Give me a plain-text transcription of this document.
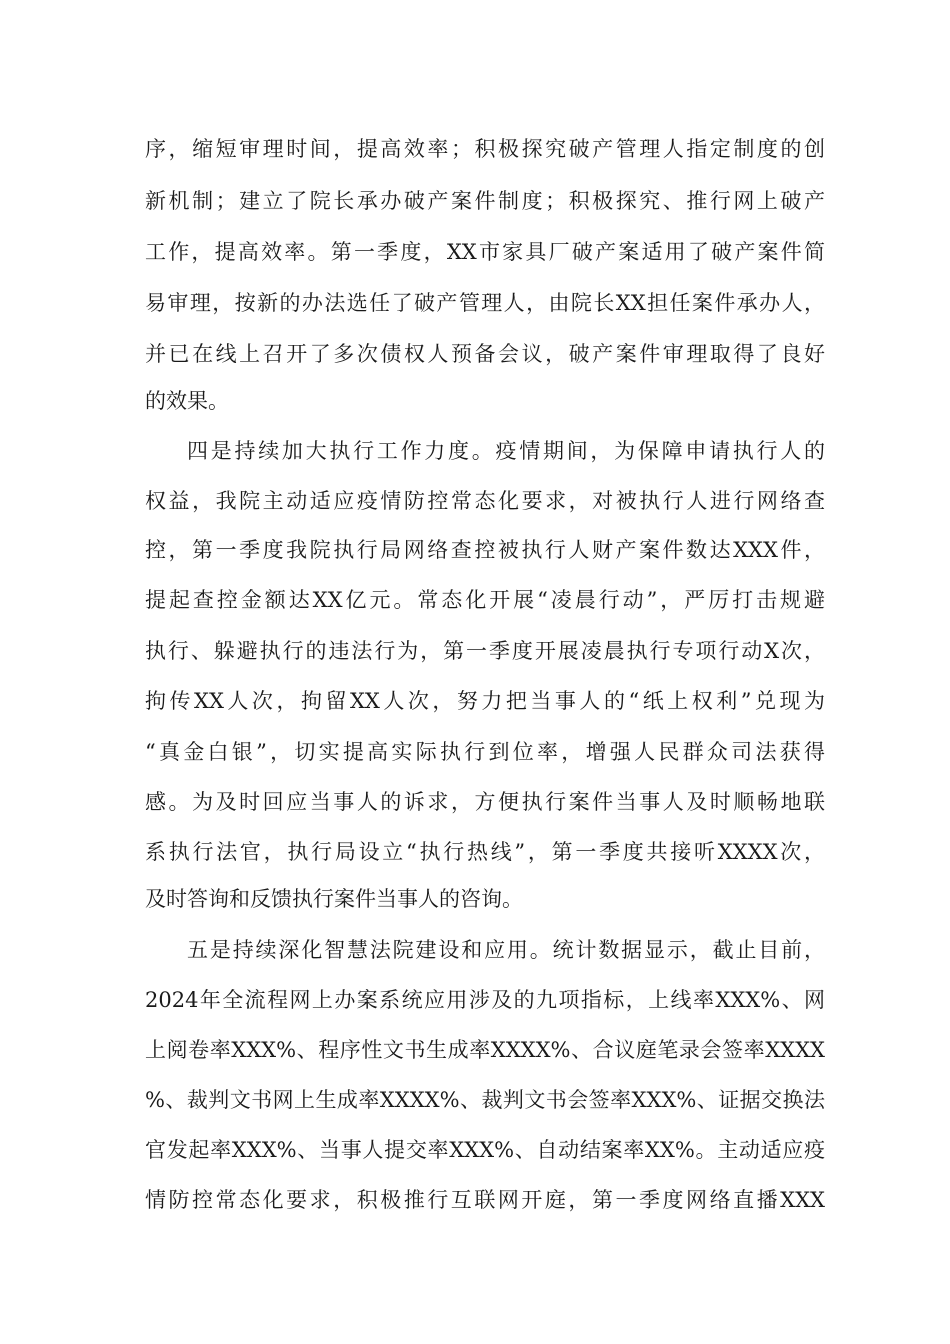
序，缩短审理时间，提高效率；积极探究破产管理人指定制度的创
新机制；建立了院长承办破产案件制度；积极探究、推行网上破产
工作，提高效率。第一季度，XX市家具厂破产案适用了破产案件简
易审理，按新的办法选任了破产管理人，由院长XX担任案件承办人，
并已在线上召开了多次债权人预备会议，破产案件审理取得了良好
的效果。
四是持续加大执行工作力度。疫情期间，为保障申请执行人的
权益，我院主动适应疫情防控常态化要求，对被执行人进行网络查
控，第一季度我院执行局网络查控被执行人财产案件数达XXX件，
提起查控金额达XX亿元。常态化开展“凌晨行动”，严厉打击规避
执行、躲避执行的违法行为，第一季度开展凌晨执行专项行动X次，
拘传XX人次，拘留XX人次，努力把当事人的“纸上权利”兑现为
“真金白银”，切实提高实际执行到位率，增强人民群众司法获得
感。为及时回应当事人的诉求，方便执行案件当事人及时顺畅地联
系执行法官，执行局设立“执行热线”，第一季度共接听XXXX次，
及时答询和反馈执行案件当事人的咨询。
五是持续深化智慧法院建设和应用。统计数据显示，截止目前，
2024年全流程网上办案系统应用涉及的九项指标，上线率XXX%、网
上阅卷率XXX%、程序性文书生成率XXXX%、合议庭笔录会签率XXXX
%、裁判文书网上生成率XXXX%、裁判文书会签率XXX%、证据交换法
官发起率XXX%、当事人提交率XXX%、自动结案率XX%。主动适应疫
情防控常态化要求，积极推行互联网开庭，第一季度网络直播XXX
